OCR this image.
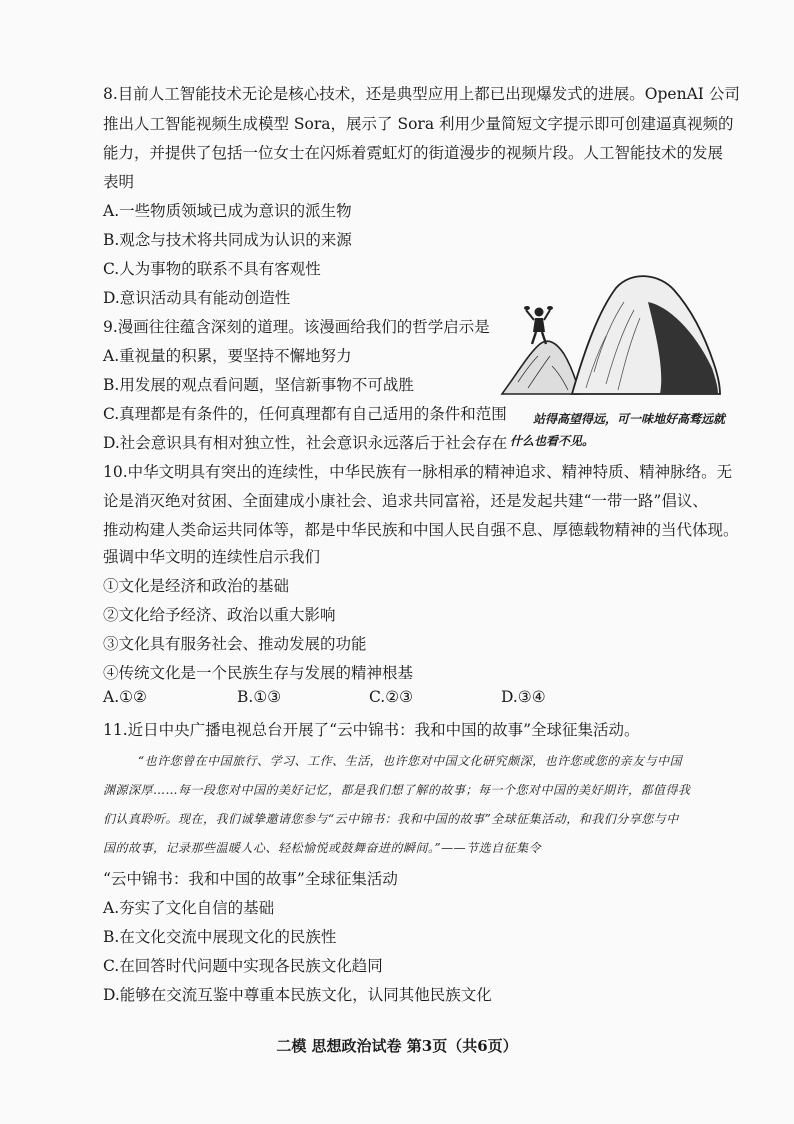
8.目前人工智能技术无论是核心技术，还是典型应用上都已出现爆发式的进展。OpenAI 公司
推出人工智能视频生成模型 Sora，展示了 Sora 利用少量简短文字提示即可创建逼真视频的
能力，并提供了包括一位女士在闪烁着霓虹灯的街道漫步的视频片段。人工智能技术的发展
表明
A.一些物质领域已成为意识的派生物
B.观念与技术将共同成为认识的来源
C.人为事物的联系不具有客观性
D.意识活动具有能动创造性
9.漫画往往蕴含深刻的道理。该漫画给我们的哲学启示是
A.重视量的积累，要坚持不懈地努力
B.用发展的观点看问题，坚信新事物不可战胜
C.真理都是有条件的，任何真理都有自己适用的条件和范围
D.社会意识具有相对独立性，社会意识永远落后于社会存在
站得高望得远，可一味地好高骛远就
什么也看不见。
10.中华文明具有突出的连续性，中华民族有一脉相承的精神追求、精神特质、精神脉络。无
论是消灭绝对贫困、全面建成小康社会、追求共同富裕，还是发起共建“一带一路”倡议、
推动构建人类命运共同体等，都是中华民族和中国人民自强不息、厚德载物精神的当代体现。
强调中华文明的连续性启示我们
①文化是经济和政治的基础
②文化给予经济、政治以重大影响
③文化具有服务社会、推动发展的功能
④传统文化是一个民族生存与发展的精神根基
A.①②	B.①③	C.②③	D.③④
11.近日中央广播电视总台开展了“云中锦书：我和中国的故事”全球征集活动。
“也许您曾在中国旅行、学习、工作、生活，也许您对中国文化研究颇深，也许您或您的亲友与中国
渊源深厚……每一段您对中国的美好记忆，都是我们想了解的故事；每一个您对中国的美好期许，都值得我
们认真聆听。现在，我们诚挚邀请您参与“云中锦书：我和中国的故事”全球征集活动，和我们分享您与中
国的故事，记录那些温暖人心、轻松愉悦或鼓舞奋进的瞬间。”——节选自征集令
“云中锦书：我和中国的故事”全球征集活动
A.夯实了文化自信的基础
B.在文化交流中展现文化的民族性
C.在回答时代问题中实现各民族文化趋同
D.能够在交流互鉴中尊重本民族文化，认同其他民族文化
二模 思想政治试卷 第3页（共6页）
